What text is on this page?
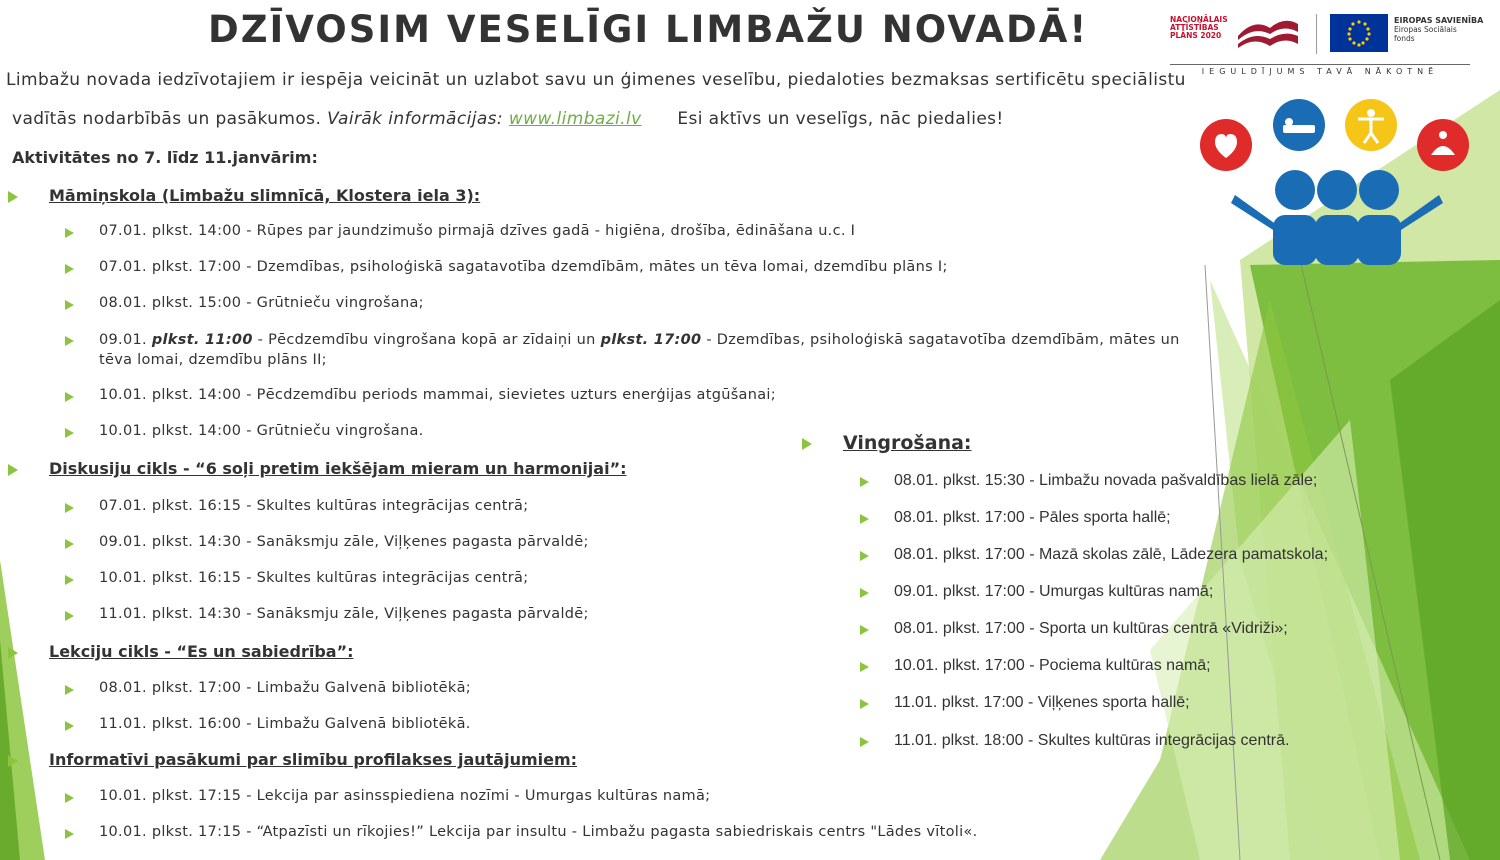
DZĪVOSIM VESELĪGI LIMBAŽU NOVADĀ!
Limbažu novada iedzīvotajiem ir iespēja veicināt un uzlabot savu un ģimenes veselību, piedaloties bezmaksas sertificētu speciālistu
vadītās nodarbībās un pasākumos. Vairāk informācijas: www.limbazi.lv Esi aktīvs un veselīgs, nāc piedalies!
Aktivitātes no 7. līdz 11.janvārim:
NACIONĀLAIS ATTĪSTĪBAS PLĀNS 2020
EIROPAS SAVIENĪBA

Eiropas Sociālais fonds
IEGULDĪJUMS TAVĀ NĀKOTNĒ
Māmiņskola (Limbažu slimnīcā, Klostera iela 3):
07.01. plkst. 14:00 - Rūpes par jaundzimušo pirmajā dzīves gadā - higiēna, drošība, ēdināšana u.c. I
07.01. plkst. 17:00 - Dzemdības, psiholoģiskā sagatavotība dzemdībām, mātes un tēva lomai, dzemdību plāns I;
08.01. plkst. 15:00 - Grūtnieču vingrošana;
09.01. plkst. 11:00 - Pēcdzemdību vingrošana kopā ar zīdaiņi un plkst. 17:00 - Dzemdības, psiholoģiskā sagatavotība dzemdībām, mātes un tēva lomai, dzemdību plāns II;
10.01. plkst. 14:00 - Pēcdzemdību periods mammai, sievietes uzturs enerģijas atgūšanai;
10.01. plkst. 14:00 - Grūtnieču vingrošana.
Diskusiju cikls - “6 soļi pretim iekšējam mieram un harmonijai”:
07.01. plkst. 16:15 - Skultes kultūras integrācijas centrā;
09.01. plkst. 14:30 - Sanāksmju zāle, Viļķenes pagasta pārvaldē;
10.01. plkst. 16:15 - Skultes kultūras integrācijas centrā;
11.01. plkst. 14:30 - Sanāksmju zāle, Viļķenes pagasta pārvaldē;
Lekciju cikls - “Es un sabiedrība”:
08.01. plkst. 17:00 - Limbažu Galvenā bibliotēkā;
11.01. plkst. 16:00 - Limbažu Galvenā bibliotēkā.
Informatīvi pasākumi par slimību profilakses jautājumiem:
10.01. plkst. 17:15 - Lekcija par asinsspiediena nozīmi - Umurgas kultūras namā;
10.01. plkst. 17:15 - “Atpazīsti un rīkojies!” Lekcija par insultu - Limbažu pagasta sabiedriskais centrs "Lādes vītoli«.
Vingrošana:
08.01. plkst. 15:30 - Limbažu novada pašvaldības lielā zāle;
08.01. plkst. 17:00 - Pāles sporta hallē;
08.01. plkst. 17:00 - Mazā skolas zālē, Lādezera pamatskola;
09.01. plkst. 17:00 - Umurgas kultūras namā;
08.01. plkst. 17:00 - Sporta un kultūras centrā «Vidriži»;
10.01. plkst. 17:00 - Pociema kultūras namā;
11.01. plkst. 17:00 - Viļķenes sporta hallē;
11.01. plkst. 18:00 - Skultes kultūras integrācijas centrā.
